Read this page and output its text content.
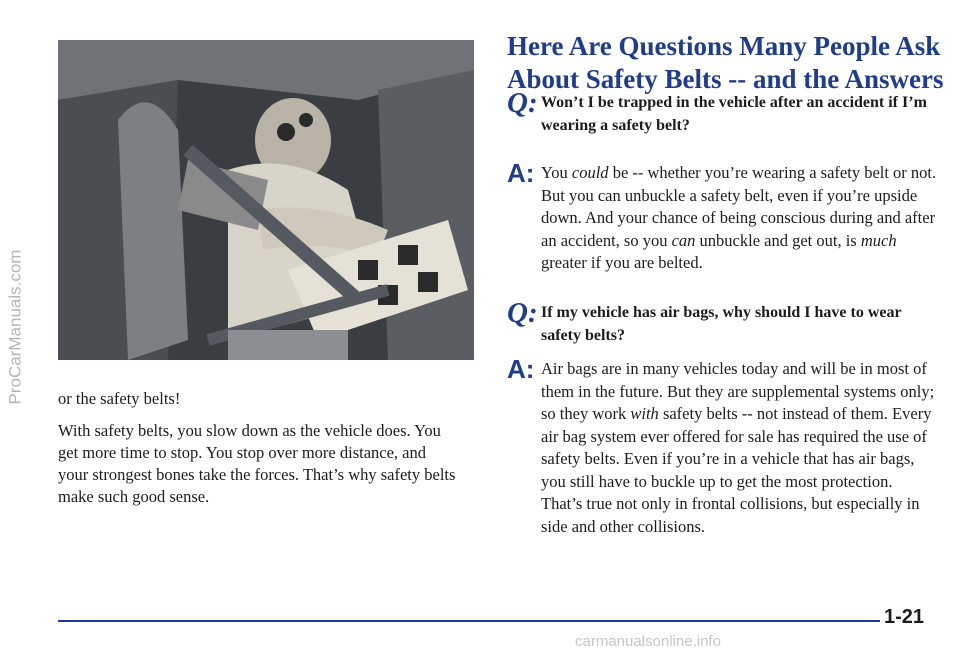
ProCarManuals.com or the safety belts!

With safety belts, you slow down as the vehicle does. You get more time to stop. You stop over more distance, and your strongest bones take the forces. That’s why safety belts make such good sense.

Here Are Questions Many People Ask About Safety Belts -- and the Answers
Q: Won’t I be trapped in the vehicle after an accident if I’m wearing a safety belt?
A: You could be -- whether you’re wearing a safety belt or not. But you can unbuckle a safety belt, even if you’re upside down. And your chance of being conscious during and after an accident, so you can unbuckle and get out, is much greater if you are belted.
Q: If my vehicle has air bags, why should I have to wear safety belts?
A: Air bags are in many vehicles today and will be in most of them in the future. But they are supplemental systems only; so they work with safety belts -- not instead of them. Every air bag system ever offered for sale has required the use of safety belts. Even if you’re in a vehicle that has air bags, you still have to buckle up to get the most protection. That’s true not only in frontal collisions, but especially in side and other collisions.
1-21
carmanualsonline.info
